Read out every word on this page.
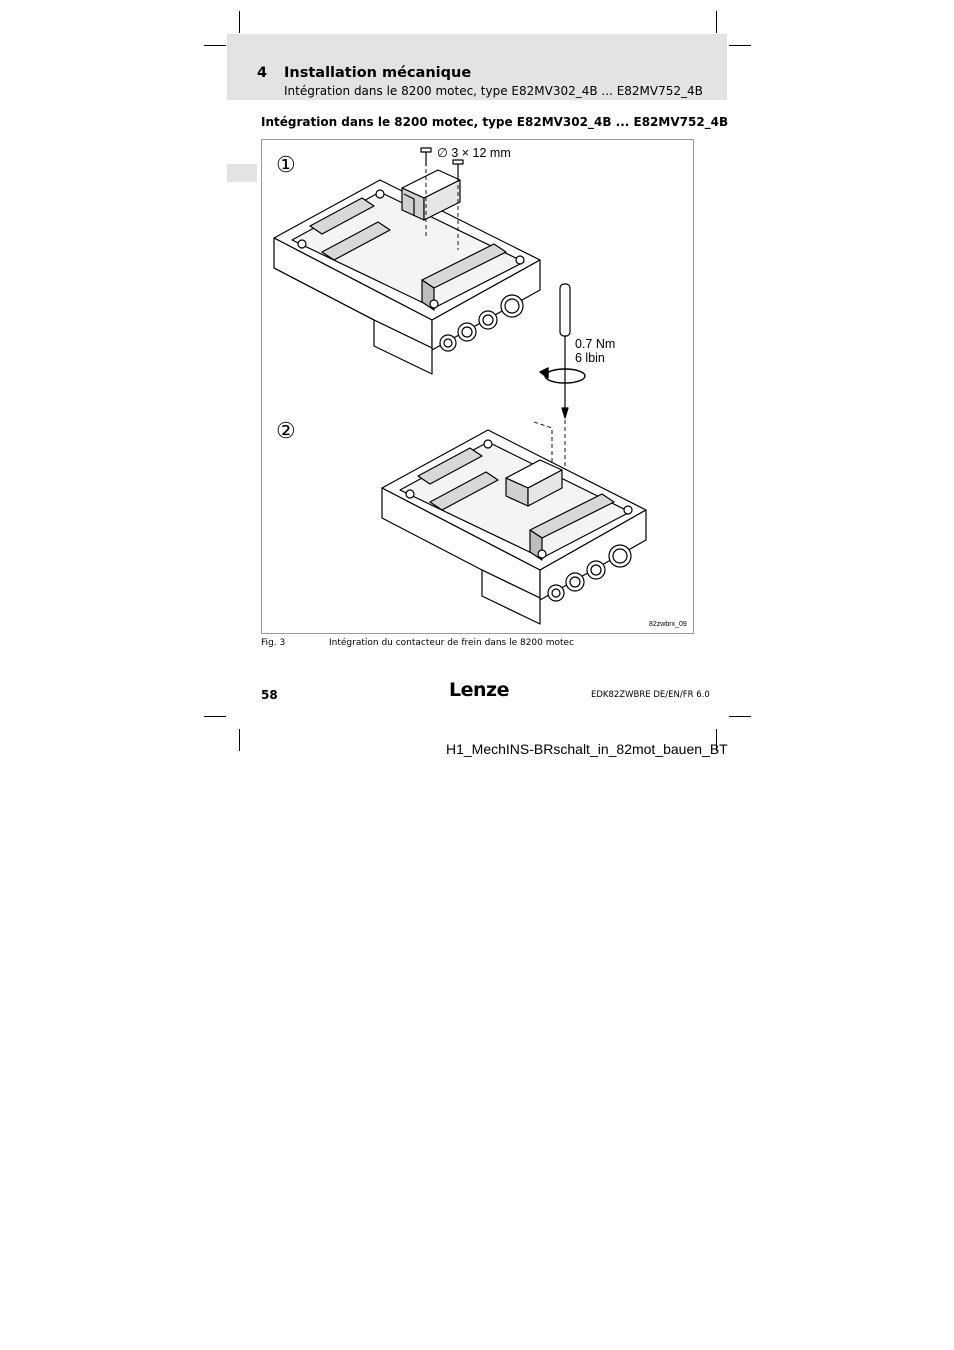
4 Installation mécanique
Intégration dans le 8200 motec, type E82MV302_4B ... E82MV752_4B
Intégration dans le 8200 motec, type E82MV302_4B ... E82MV752_4B
①
②
∅ 3 × 12 mm
0.7 Nm
6 lbin
82zwbrx_09
Fig. 3	Intégration du contacteur de frein dans le 8200 motec
58	Lenze	EDK82ZWBRE DE/EN/FR 6.0
H1_MechINS-BRschalt_in_82mot_bauen_BT
